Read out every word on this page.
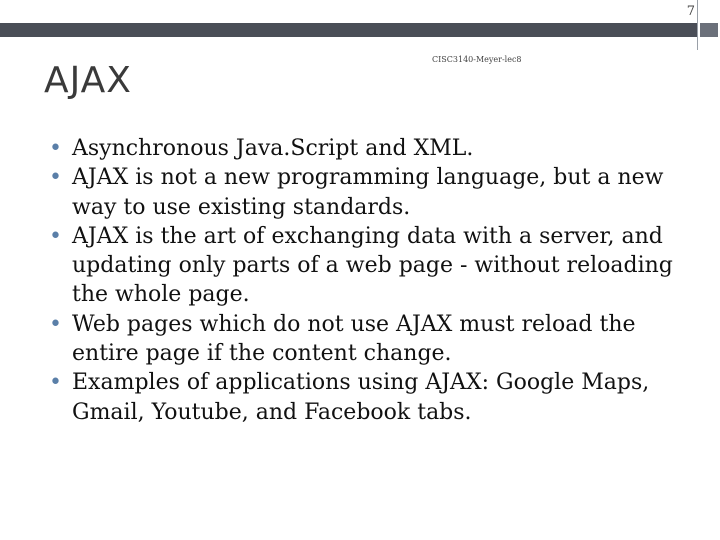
7
CISC3140-Meyer-lec8
AJAX
• Asynchronous Java.Script and XML.
• AJAX is not a new programming language, but a new way to use existing standards.
• AJAX is the art of exchanging data with a server, and updating only parts of a web page - without reloading the whole page.
• Web pages which do not use AJAX must reload the entire page if the content change.
• Examples of applications using AJAX: Google Maps, Gmail, Youtube, and Facebook tabs.
